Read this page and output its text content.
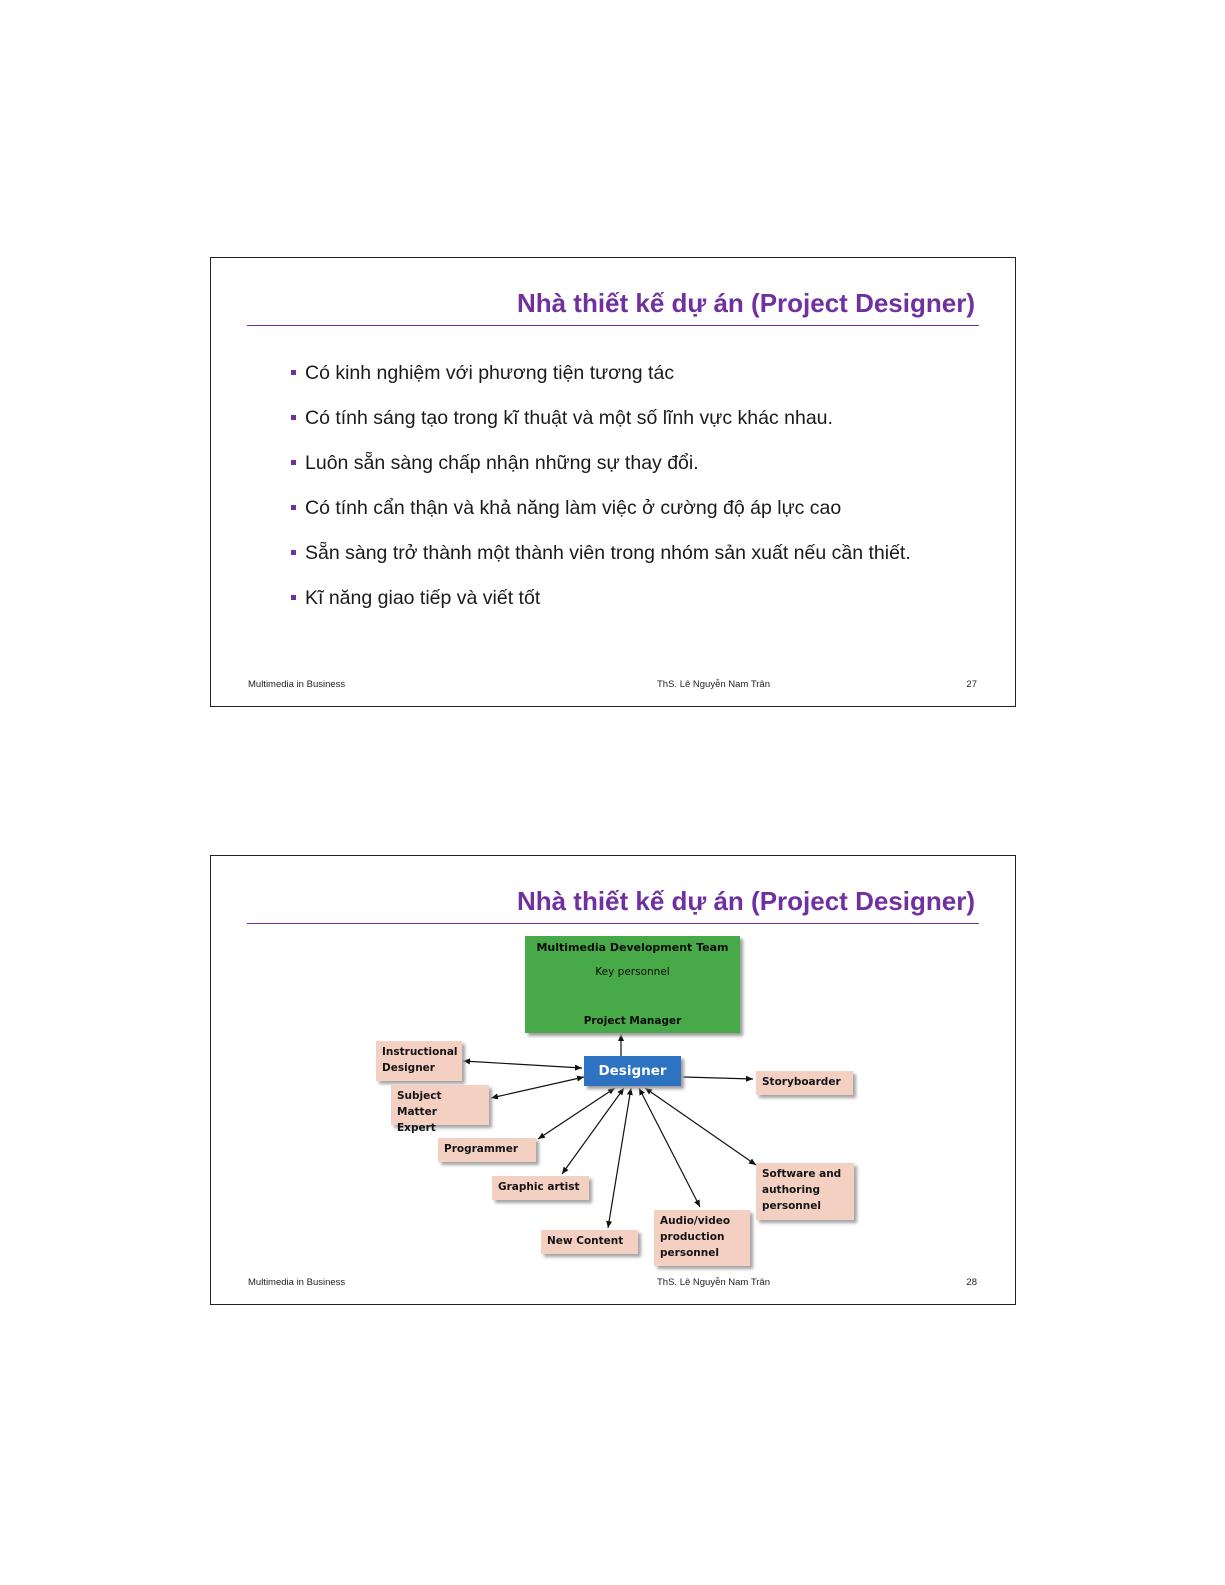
Nhà thiết kế dự án (Project Designer)
Có kinh nghiệm với phương tiện tương tác
Có tính sáng tạo trong kĩ thuật và một số lĩnh vực khác nhau.
Luôn sẵn sàng chấp nhận những sự thay đổi.
Có tính cẩn thận và khả năng làm việc ở cường độ áp lực cao
Sẵn sàng trở thành một thành viên trong nhóm sản xuất nếu cần thiết.
Kĩ năng giao tiếp và viết tốt
Multimedia in Business	ThS. Lê Nguyễn Nam Trân	27
Nhà thiết kế dự án (Project Designer)
Multimedia Development Team
Key personnel
Project Manager
Designer
Instructional
Designer
Subject Matter
Expert
Programmer
Graphic artist
New Content
Audio/video
production
personnel
Software and
authoring
personnel
Storyboarder
Multimedia in Business	ThS. Lê Nguyễn Nam Trân	28
